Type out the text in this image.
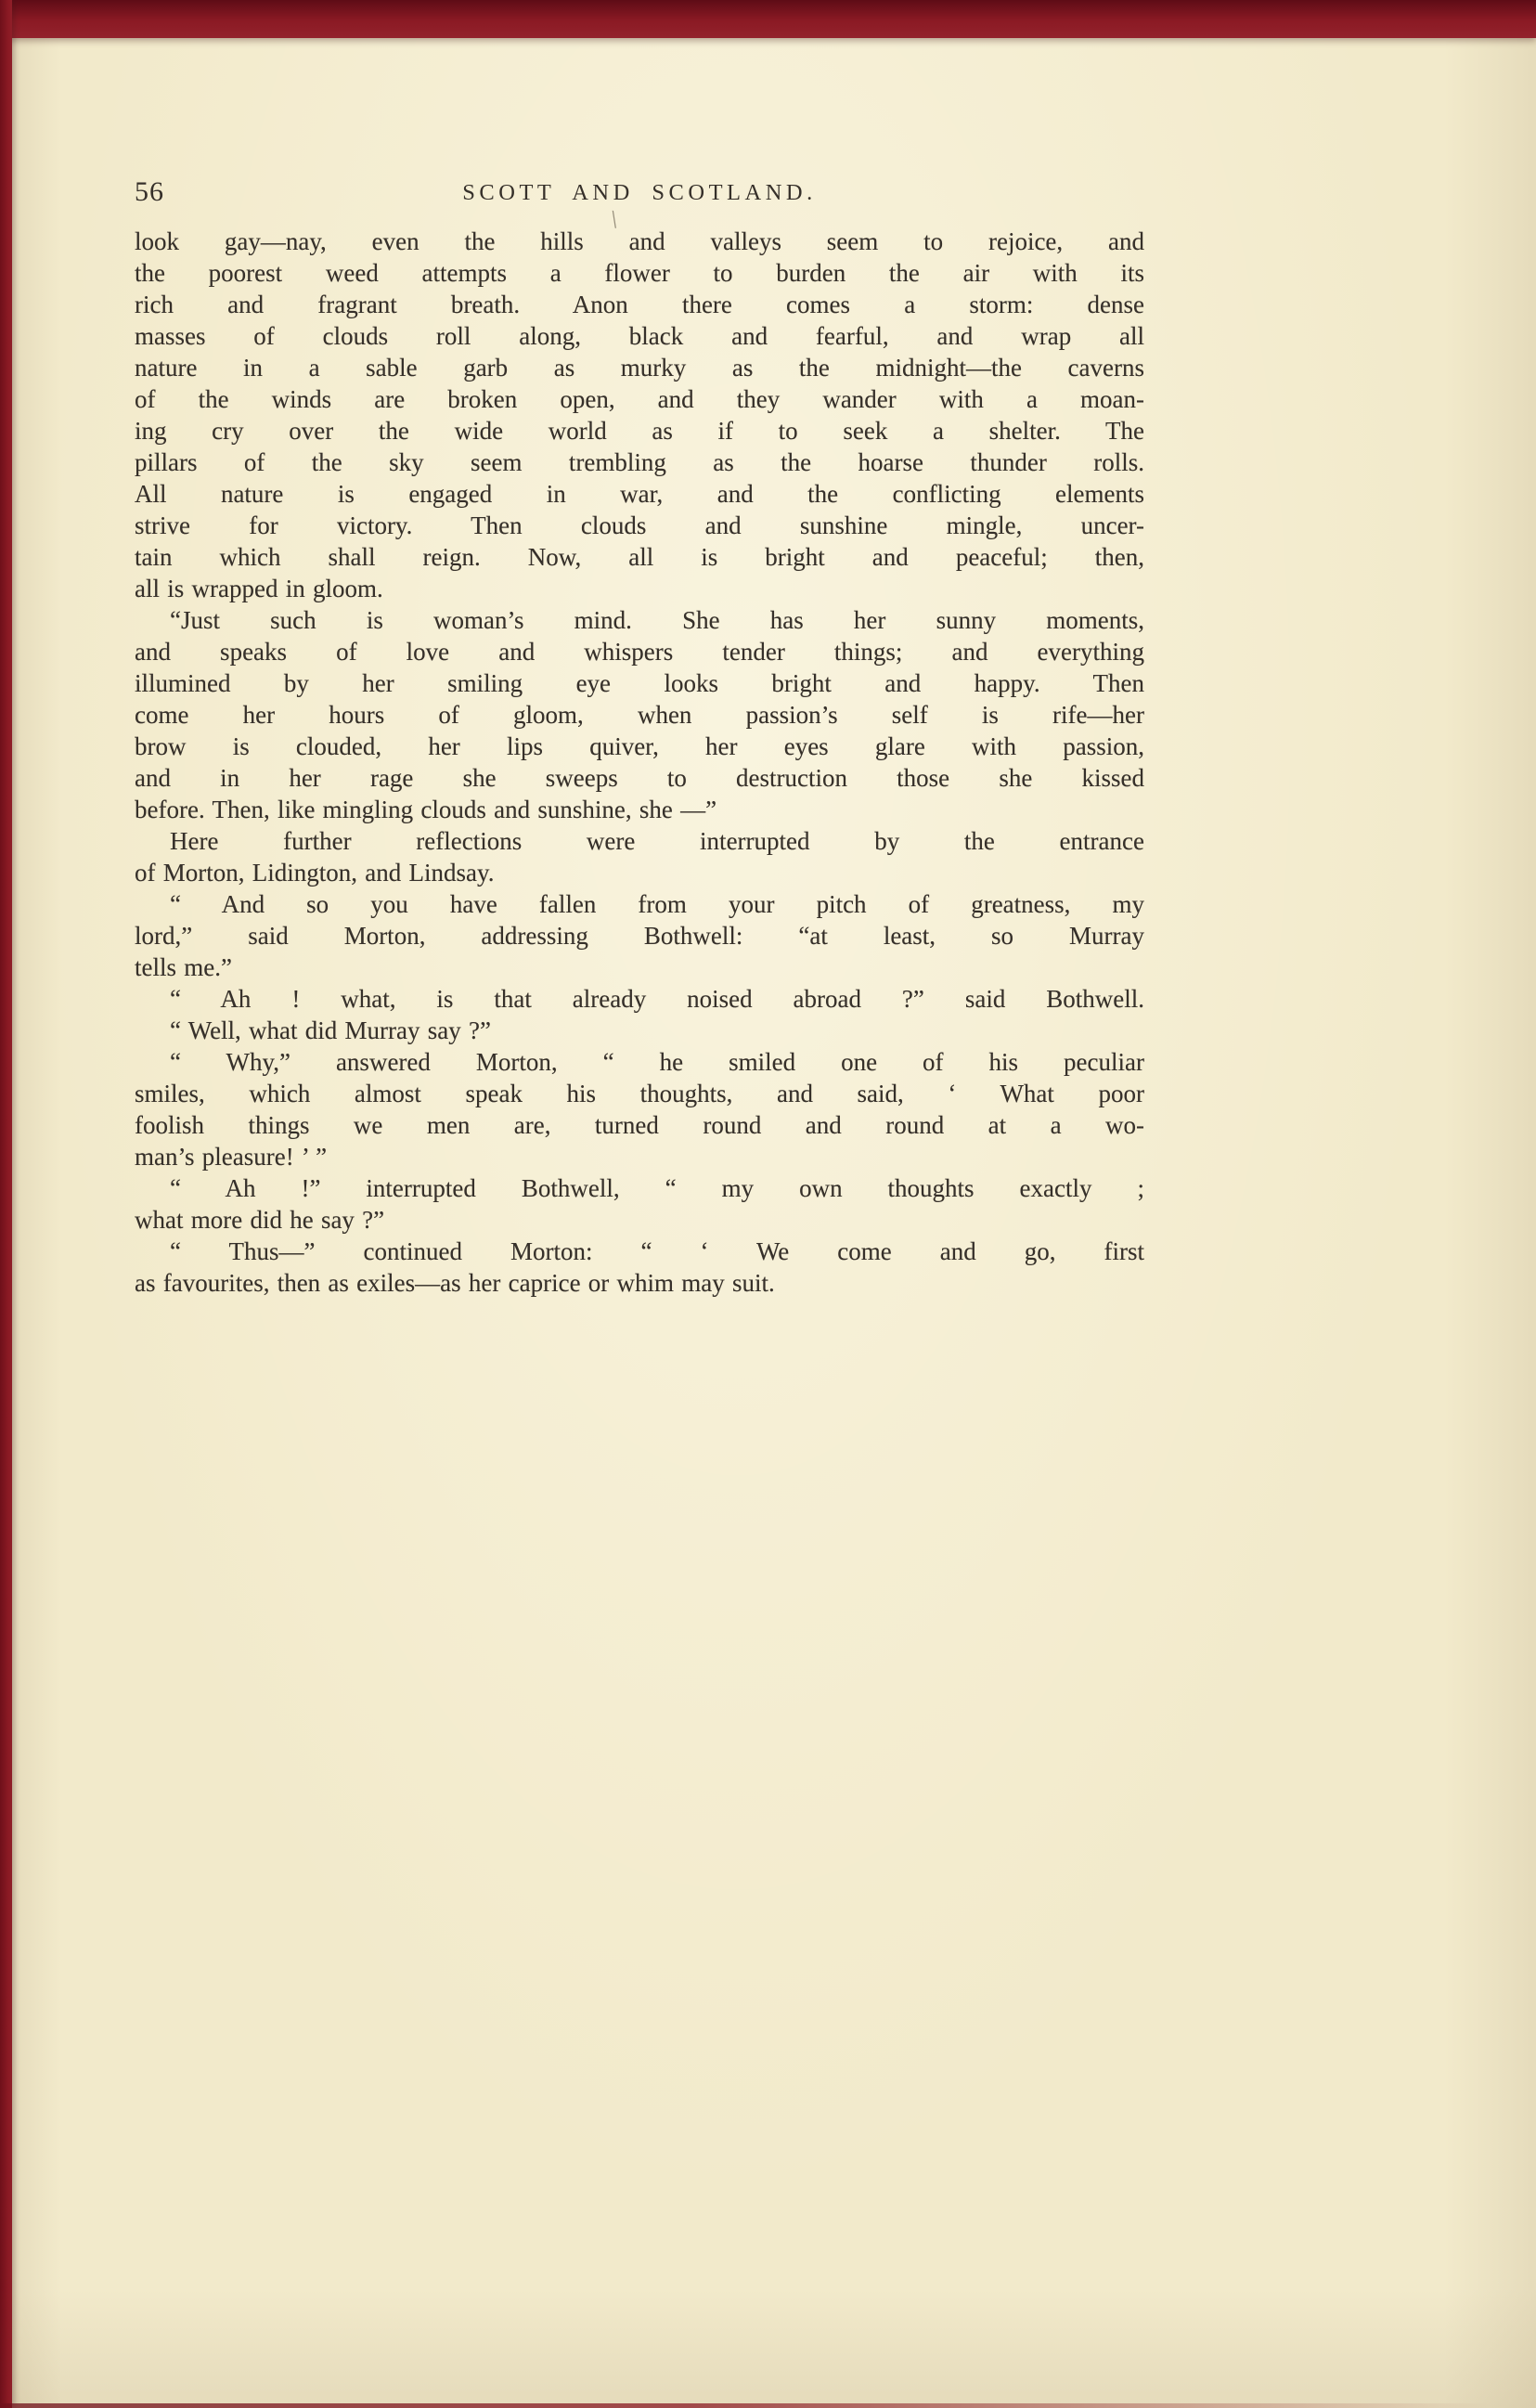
56	SCOTT AND SCOTLAND.
\
look gay—nay, even the hills and valleys seem to rejoice, and
the poorest weed attempts a flower to burden the air with its
rich and fragrant breath. Anon there comes a storm: dense
masses of clouds roll along, black and fearful, and wrap all
nature in a sable garb as murky as the midnight—the caverns
of the winds are broken open, and they wander with a moan-
ing cry over the wide world as if to seek a shelter. The
pillars of the sky seem trembling as the hoarse thunder rolls.
All nature is engaged in war, and the conflicting elements
strive for victory. Then clouds and sunshine mingle, uncer-
tain which shall reign. Now, all is bright and peaceful; then,
all is wrapped in gloom.
“Just such is woman’s mind. She has her sunny moments,
and speaks of love and whispers tender things; and everything
illumined by her smiling eye looks bright and happy. Then
come her hours of gloom, when passion’s self is rife—her
brow is clouded, her lips quiver, her eyes glare with passion,
and in her rage she sweeps to destruction those she kissed
before. Then, like mingling clouds and sunshine, she —”
Here further reflections were interrupted by the entrance
of Morton, Lidington, and Lindsay.
“ And so you have fallen from your pitch of greatness, my
lord,” said Morton, addressing Bothwell: “at least, so Murray
tells me.”
“ Ah ! what, is that already noised abroad ?” said Bothwell.
“ Well, what did Murray say ?”
“ Why,” answered Morton, “ he smiled one of his peculiar
smiles, which almost speak his thoughts, and said, ‘ What poor
foolish things we men are, turned round and round at a wo-
man’s pleasure! ’ ”
“ Ah !” interrupted Bothwell, “ my own thoughts exactly ;
what more did he say ?”
“ Thus—” continued Morton: “ ‘ We come and go, first
as favourites, then as exiles—as her caprice or whim may suit.
